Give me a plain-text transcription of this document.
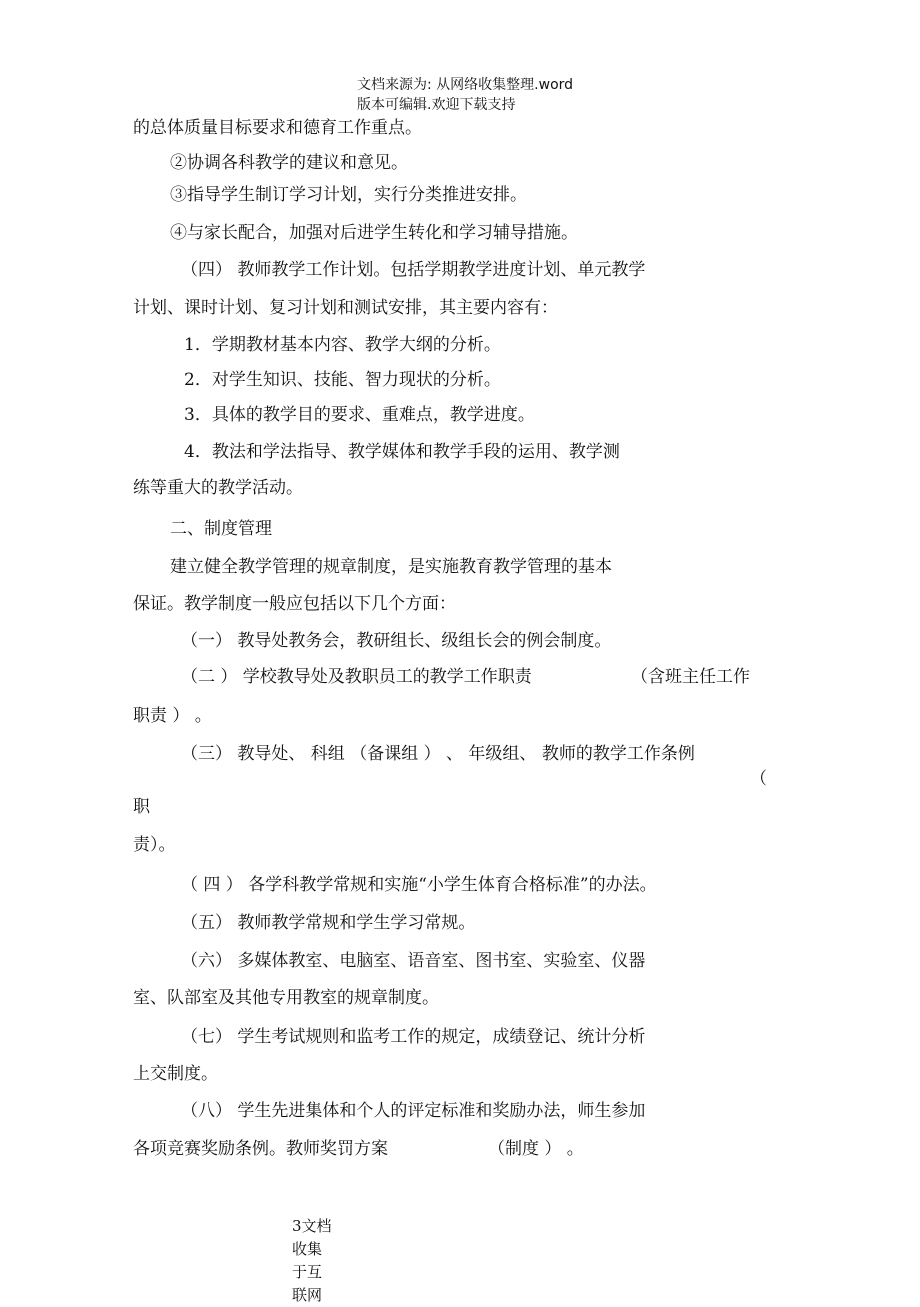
文档来源为: 从网络收集整理.word
版本可编辑.欢迎下载支持
的总体质量目标要求和德育工作重点。
②协调各科教学的建议和意见。
③指导学生制订学习计划，实行分类推进安排。
④与家长配合，加强对后进学生转化和学习辅导措施。
（四） 教师教学工作计划。包括学期教学进度计划、单元教学
计划、课时计划、复习计划和测试安排，其主要内容有：
1．学期教材基本内容、教学大纲的分析。
2．对学生知识、技能、智力现状的分析。
3．具体的教学目的要求、重难点，教学进度。
4．教法和学法指导、教学媒体和教学手段的运用、教学测
练等重大的教学活动。
二、制度管理
建立健全教学管理的规章制度，是实施教育教学管理的基本
保证。教学制度一般应包括以下几个方面：
（一） 教导处教务会，教研组长、级组长会的例会制度。
（二 ） 学校教导处及教职员工的教学工作职责	（含班主任工作
职责 ） 。
（三） 教导处、 科组 （备课组 ） 、 年级组、 教师的教学工作条例
（
职
责）。
（ 四 ） 各学科教学常规和实施“小学生体育合格标准”的办法。
（五） 教师教学常规和学生学习常规。
（六） 多媒体教室、电脑室、语音室、图书室、实验室、仪器
室、队部室及其他专用教室的规章制度。
（七） 学生考试规则和监考工作的规定，成绩登记、统计分析
上交制度。
（八） 学生先进集体和个人的评定标准和奖励办法，师生参加
各项竞赛奖励条例。教师奖罚方案	（制度 ） 。
3文档
收集
于互
联网
